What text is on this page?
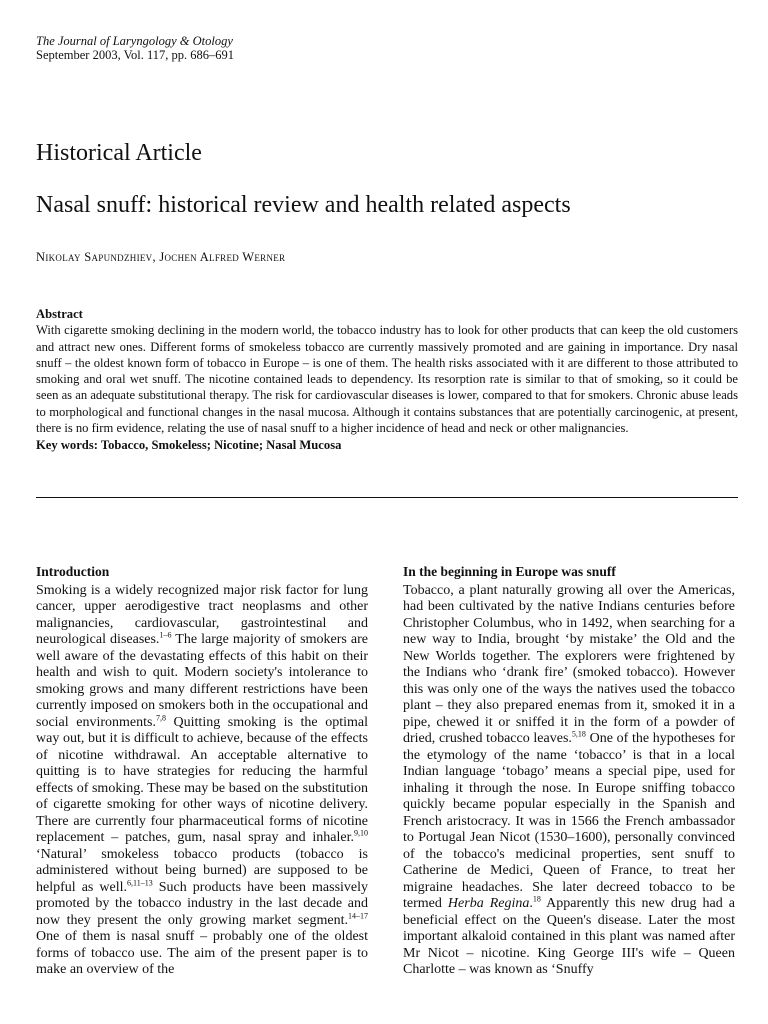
The Journal of Laryngology & Otology
September 2003, Vol. 117, pp. 686–691
Historical Article
Nasal snuff: historical review and health related aspects
Nikolay Sapundzhiev, Jochen Alfred Werner
Abstract

With cigarette smoking declining in the modern world, the tobacco industry has to look for other products that can keep the old customers and attract new ones. Different forms of smokeless tobacco are currently massively promoted and are gaining in importance. Dry nasal snuff – the oldest known form of tobacco in Europe – is one of them. The health risks associated with it are different to those attributed to smoking and oral wet snuff. The nicotine contained leads to dependency. Its resorption rate is similar to that of smoking, so it could be seen as an adequate substitutional therapy. The risk for cardiovascular diseases is lower, compared to that for smokers. Chronic abuse leads to morphological and functional changes in the nasal mucosa. Although it contains substances that are potentially carcinogenic, at present, there is no firm evidence, relating the use of nasal snuff to a higher incidence of head and neck or other malignancies.

Key words: Tobacco, Smokeless; Nicotine; Nasal Mucosa
Introduction

Smoking is a widely recognized major risk factor for lung cancer, upper aerodigestive tract neoplasms and other malignancies, cardiovascular, gastrointestinal and neurological diseases.$^{1-6}$ The large majority of smokers are well aware of the devastating effects of this habit on their health and wish to quit. Modern society's intolerance to smoking grows and many different restrictions have been currently imposed on smokers both in the occupational and social environments.$^{7,8}$ Quitting smoking is the optimal way out, but it is difficult to achieve, because of the effects of nicotine withdrawal. An acceptable alternative to quitting is to have strategies for reducing the harmful effects of smoking. These may be based on the substitution of cigarette smoking for other ways of nicotine delivery. There are currently four pharmaceutical forms of nicotine replacement – patches, gum, nasal spray and inhaler.$^{9,10}$ ‘Natural’ smokeless tobacco products (tobacco is administered without being burned) are supposed to be helpful as well.$^{6,11-13}$ Such products have been massively promoted by the tobacco industry in the last decade and now they present the only growing market segment.$^{14-17}$ One of them is nasal snuff – probably one of the oldest forms of tobacco use. The aim of the present paper is to make an overview of the

In the beginning in Europe was snuff

Tobacco, a plant naturally growing all over the Americas, had been cultivated by the native Indians centuries before Christopher Columbus, who in 1492, when searching for a new way to India, brought ‘by mistake’ the Old and the New Worlds together. The explorers were frightened by the Indians who ‘drank fire’ (smoked tobacco). However this was only one of the ways the natives used the tobacco plant – they also prepared enemas from it, smoked it in a pipe, chewed it or sniffed it in the form of a powder of dried, crushed tobacco leaves.$^{5,18}$ One of the hypotheses for the etymology of the name ‘tobacco’ is that in a local Indian language ‘tobago’ means a special pipe, used for inhaling it through the nose. In Europe sniffing tobacco quickly became popular especially in the Spanish and French aristocracy. It was in 1566 the French ambassador to Portugal Jean Nicot (1530–1600), personally convinced of the tobacco's medicinal properties, sent snuff to Catherine de Medici, Queen of France, to treat her migraine headaches. She later decreed tobacco to be termed Herba Regina.$^{18}$ Apparently this new drug had a beneficial effect on the Queen's disease. Later the most important alkaloid contained in this plant was named after Mr Nicot – nicotine. King George III's wife – Queen Charlotte – was known as ‘Snuffy
